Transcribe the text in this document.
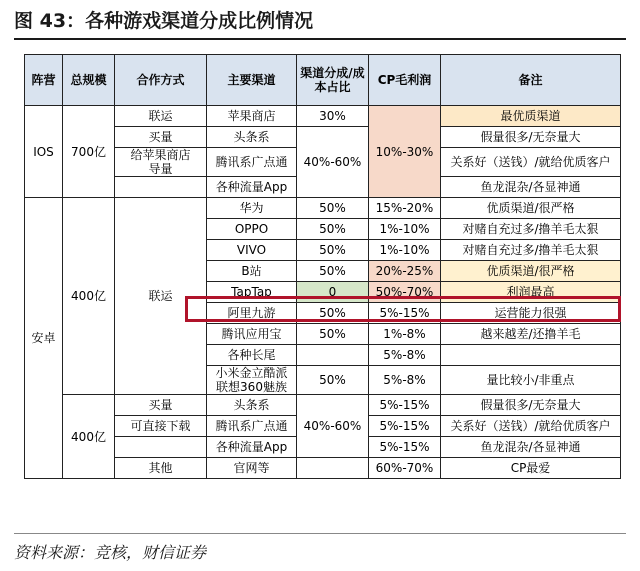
图 43：各种游戏渠道分成比例情况
阵营	总规模	合作方式	主要渠道	渠道分成/成本占比	CP毛利润	备注
IOS	700亿	联运	苹果商店	30%	10%-30%	最优质渠道
		买量	头条系	40%-60%		假量很多/无奈量大
		给苹果商店
导量	腾讯系广点通			关系好（送钱）/就给优质客户

			各种流量App			鱼龙混杂/各显神通
安卓	400亿	联运	华为	50%	15%-20%	优质渠道/很严格
			OPPO	50%	1%-10%	对赌自充过多/撸羊毛太狠
			VIVO	50%	1%-10%	对赌自充过多/撸羊毛太狠
			B站	50%	20%-25%	优质渠道/很严格
			TapTap	0	50%-70%	利润最高
			阿里九游	50%	5%-15%	运营能力很强
			腾讯应用宝	50%	1%-8%	越来越差/还撸羊毛
			各种长尾		5%-8%	
			小米金立酷派
联想360魅族	50%	5%-8%	量比较小/非重点

	400亿	买量	头条系	40%-60%	5%-15%	假量很多/无奈量大
		可直接下载	腾讯系广点通		5%-15%	关系好（送钱）/就给优质客户
			各种流量App		5%-15%	鱼龙混杂/各显神通
		其他	官网等		60%-70%	CP最爱
资料来源：竞核，财信证券
